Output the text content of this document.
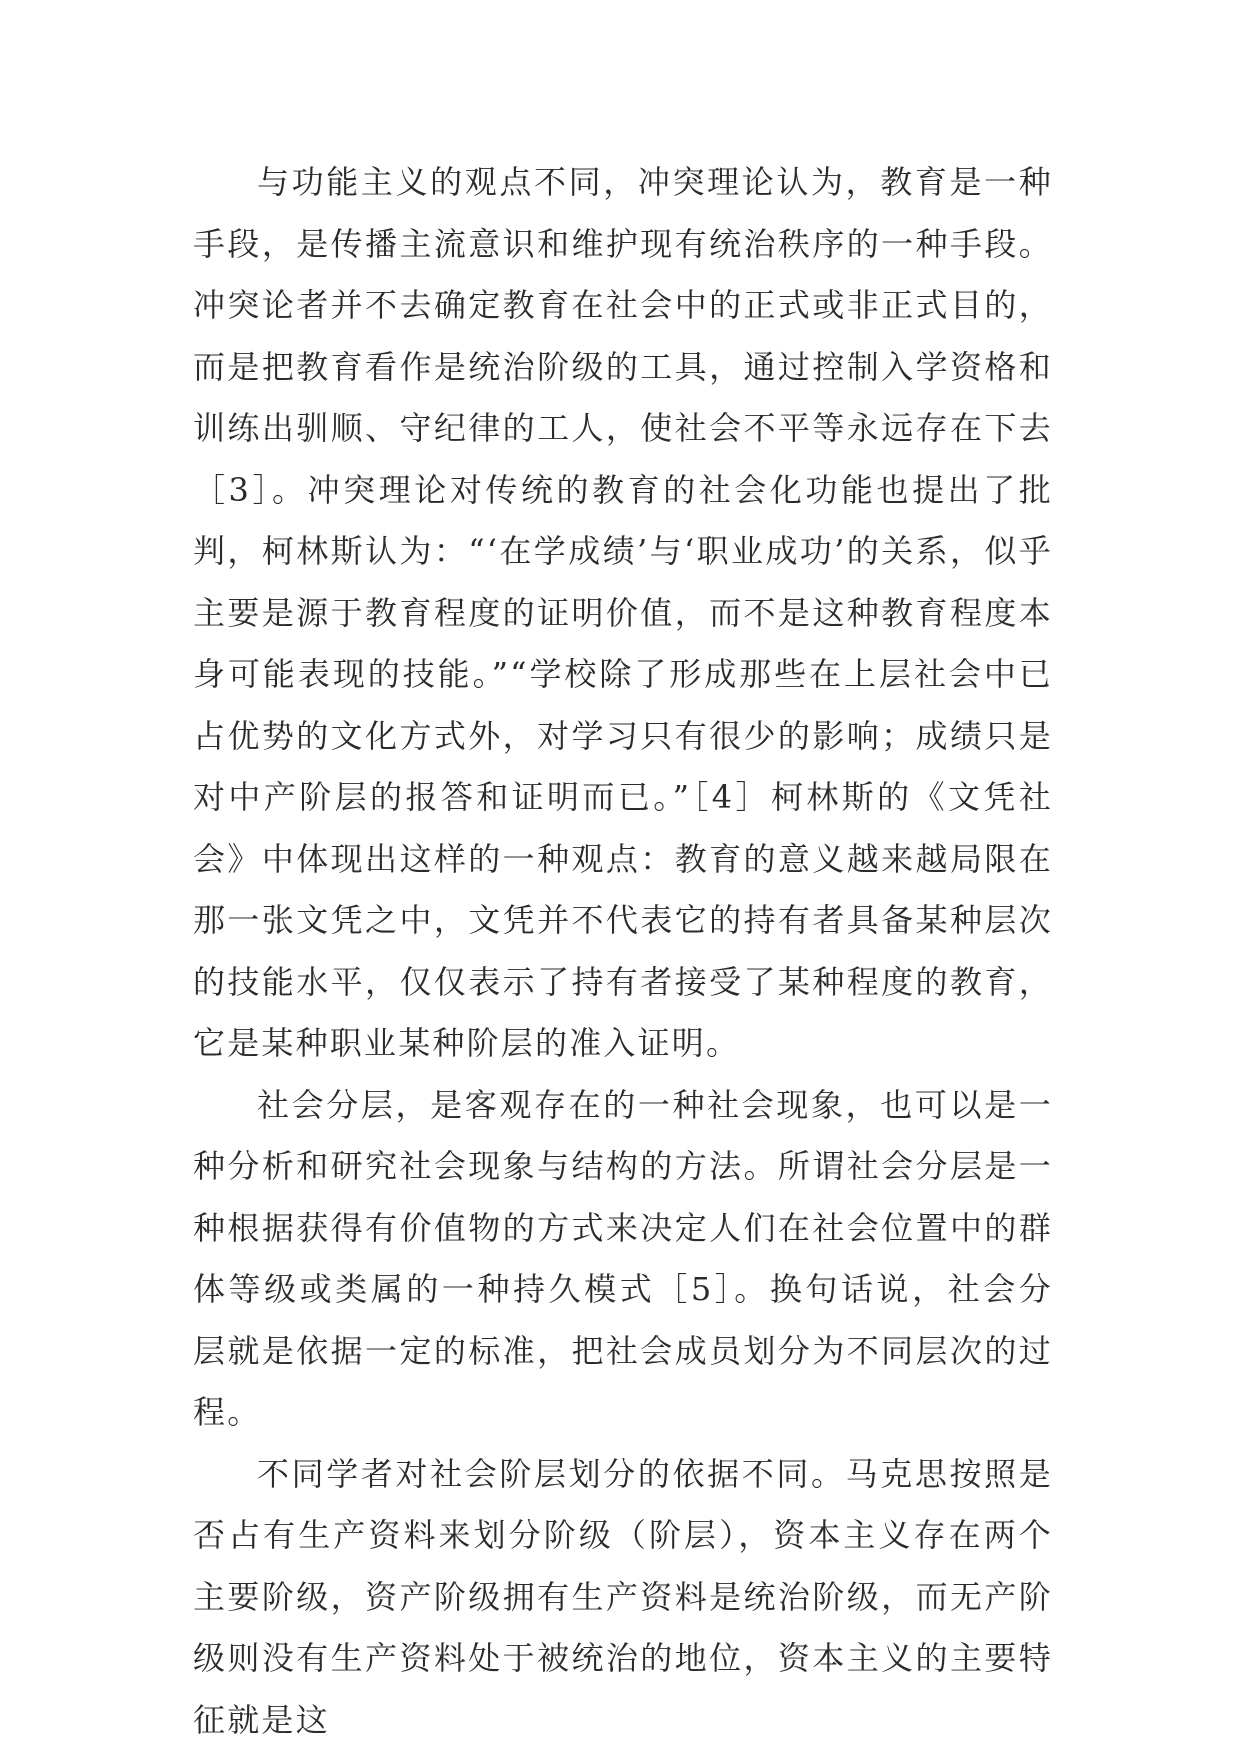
与功能主义的观点不同，冲突理论认为，教育是一种手段，是传播主流意识和维护现有统治秩序的一种手段。冲突论者并不去确定教育在社会中的正式或非正式目的，而是把教育看作是统治阶级的工具，通过控制入学资格和训练出驯顺、守纪律的工人，使社会不平等永远存在下去［3］。冲突理论对传统的教育的社会化功能也提出了批判，柯林斯认为：“‘在学成绩’与‘职业成功’的关系，似乎主要是源于教育程度的证明价值，而不是这种教育程度本身可能表现的技能。”“学校除了形成那些在上层社会中已占优势的文化方式外，对学习只有很少的影响；成绩只是对中产阶层的报答和证明而已。”［4］柯林斯的《文凭社会》中体现出这样的一种观点：教育的意义越来越局限在那一张文凭之中，文凭并不代表它的持有者具备某种层次的技能水平，仅仅表示了持有者接受了某种程度的教育，它是某种职业某种阶层的准入证明。

社会分层，是客观存在的一种社会现象，也可以是一种分析和研究社会现象与结构的方法。所谓社会分层是一种根据获得有价值物的方式来决定人们在社会位置中的群体等级或类属的一种持久模式［5］。换句话说，社会分层就是依据一定的标准，把社会成员划分为不同层次的过程。

不同学者对社会阶层划分的依据不同。马克思按照是否占有生产资料来划分阶级（阶层），资本主义存在两个主要阶级，资产阶级拥有生产资料是统治阶级，而无产阶级则没有生产资料处于被统治的地位，资本主义的主要特征就是这
